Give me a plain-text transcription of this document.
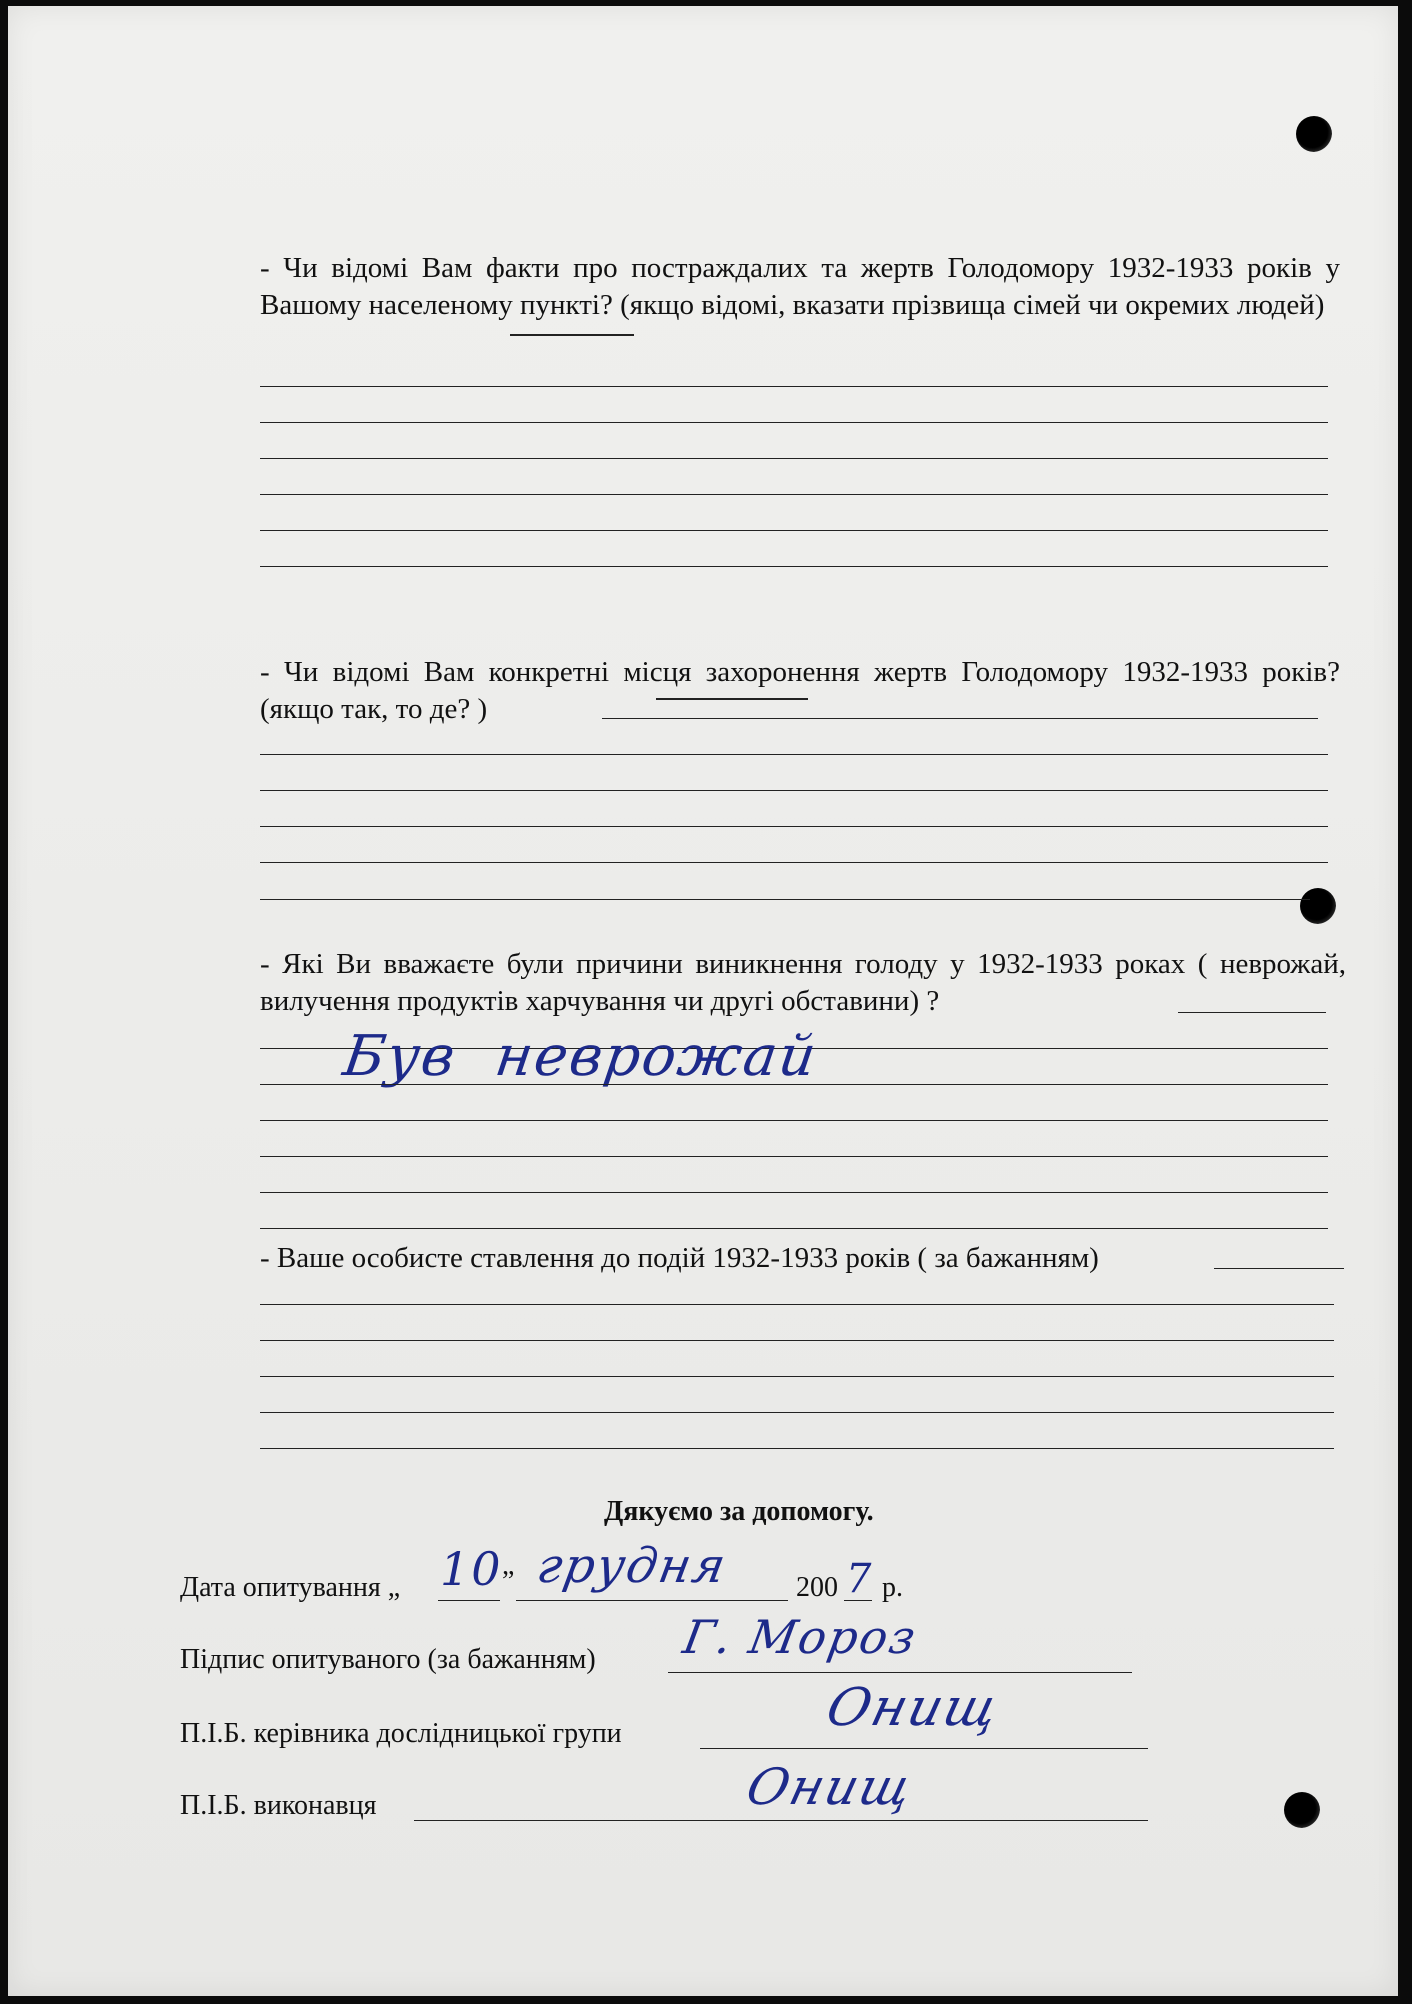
- Чи відомі Вам факти про постраждалих та жертв Голодомору 1932-1933 років у Вашому населеному пункті? (якщо відомі, вказати прізвища сімей чи окремих людей)
- Чи відомі Вам конкретні місця захоронення жертв Голодомору 1932-1933 років? (якщо так, то де? )
- Які Ви вважаєте були причини виникнення голоду у 1932-1933 роках ( неврожай, вилучення продуктів харчування чи другі обставини) ?
Був  неврожай
- Ваше особисте ставлення до подій 1932-1933 років ( за бажанням)
Дякуємо за допомогу.
Дата опитування „ 10 ” грудня 200 7 р.
Підпис опитуваного (за бажанням) Г. Мороз
П.І.Б. керівника дослідницької групи	Онищ
П.І.Б. виконавця	Онищ
